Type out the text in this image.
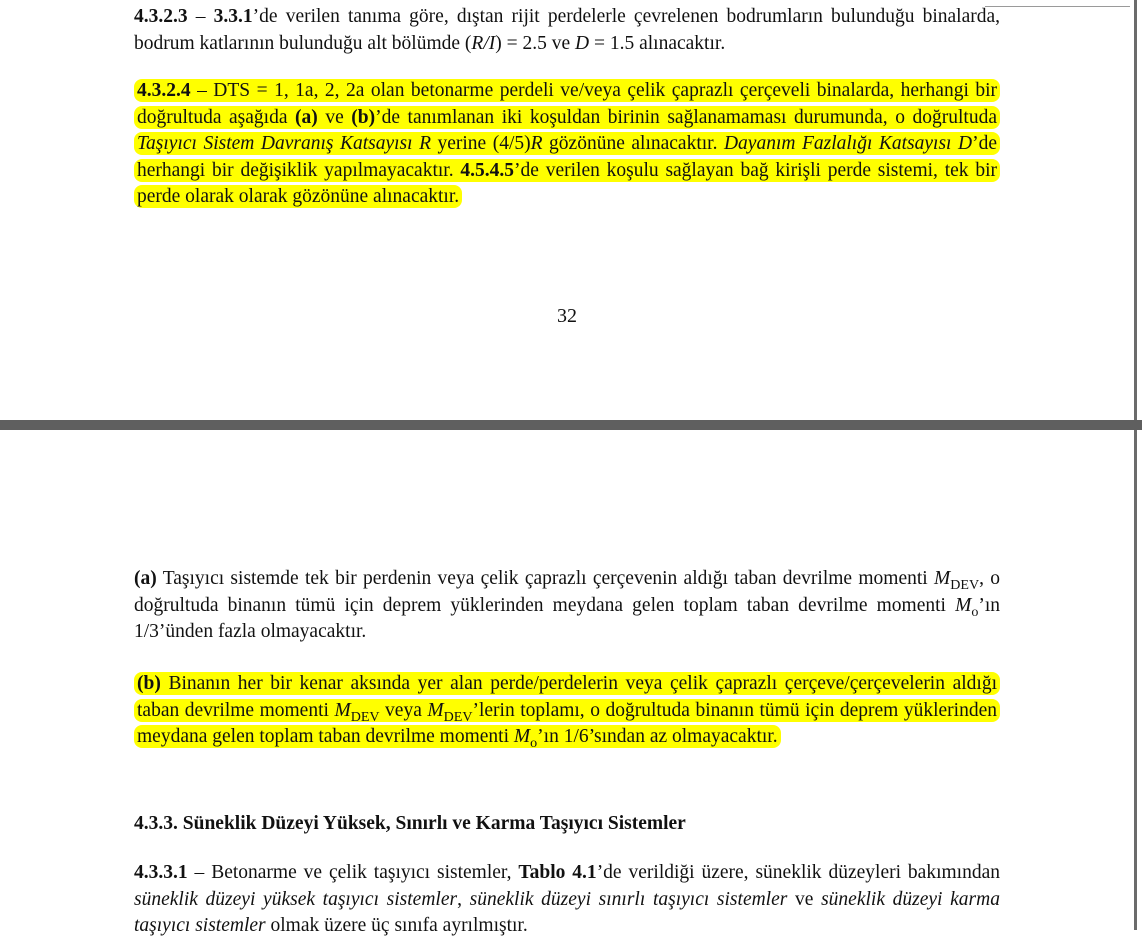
4.3.2.3 – 3.3.1’de verilen tanıma göre, dıştan rijit perdelerle çevrelenen bodrumların bulunduğu binalarda, bodrum katlarının bulunduğu alt bölümde (R/I) = 2.5 ve D = 1.5 alınacaktır.
4.3.2.4 – DTS = 1, 1a, 2, 2a olan betonarme perdeli ve/veya çelik çaprazlı çerçeveli binalarda, herhangi bir doğrultuda aşağıda (a) ve (b)’de tanımlanan iki koşuldan birinin sağlanamaması durumunda, o doğrultuda Taşıyıcı Sistem Davranış Katsayısı R yerine (4/5)R gözönüne alınacaktır. Dayanım Fazlalığı Katsayısı D’de herhangi bir değişiklik yapılmayacaktır. 4.5.4.5’de verilen koşulu sağlayan bağ kirişli perde sistemi, tek bir perde olarak olarak gözönüne alınacaktır.
32
(a) Taşıyıcı sistemde tek bir perdenin veya çelik çaprazlı çerçevenin aldığı taban devrilme momenti $M_{DEV}$, o doğrultuda binanın tümü için deprem yüklerinden meydana gelen toplam taban devrilme momenti $M_o’ın$ 1/3’ünden fazla olmayacaktır.
(b) Binanın her bir kenar aksında yer alan perde/perdelerin veya çelik çaprazlı çerçeve/çerçevelerin aldığı taban devrilme momenti $M_{DEV}$ veya $M_{DEV}’lerin$ toplamı, o doğrultuda binanın tümü için deprem yüklerinden meydana gelen toplam taban devrilme momenti $M_o’ın$ 1/6’sından az olmayacaktır.
4.3.3. Süneklik Düzeyi Yüksek, Sınırlı ve Karma Taşıyıcı Sistemler
4.3.3.1 – Betonarme ve çelik taşıyıcı sistemler, Tablo 4.1’de verildiği üzere, süneklik düzeyleri bakımından süneklik düzeyi yüksek taşıyıcı sistemler, süneklik düzeyi sınırlı taşıyıcı sistemler ve süneklik düzeyi karma taşıyıcı sistemler olmak üzere üç sınıfa ayrılmıştır.
